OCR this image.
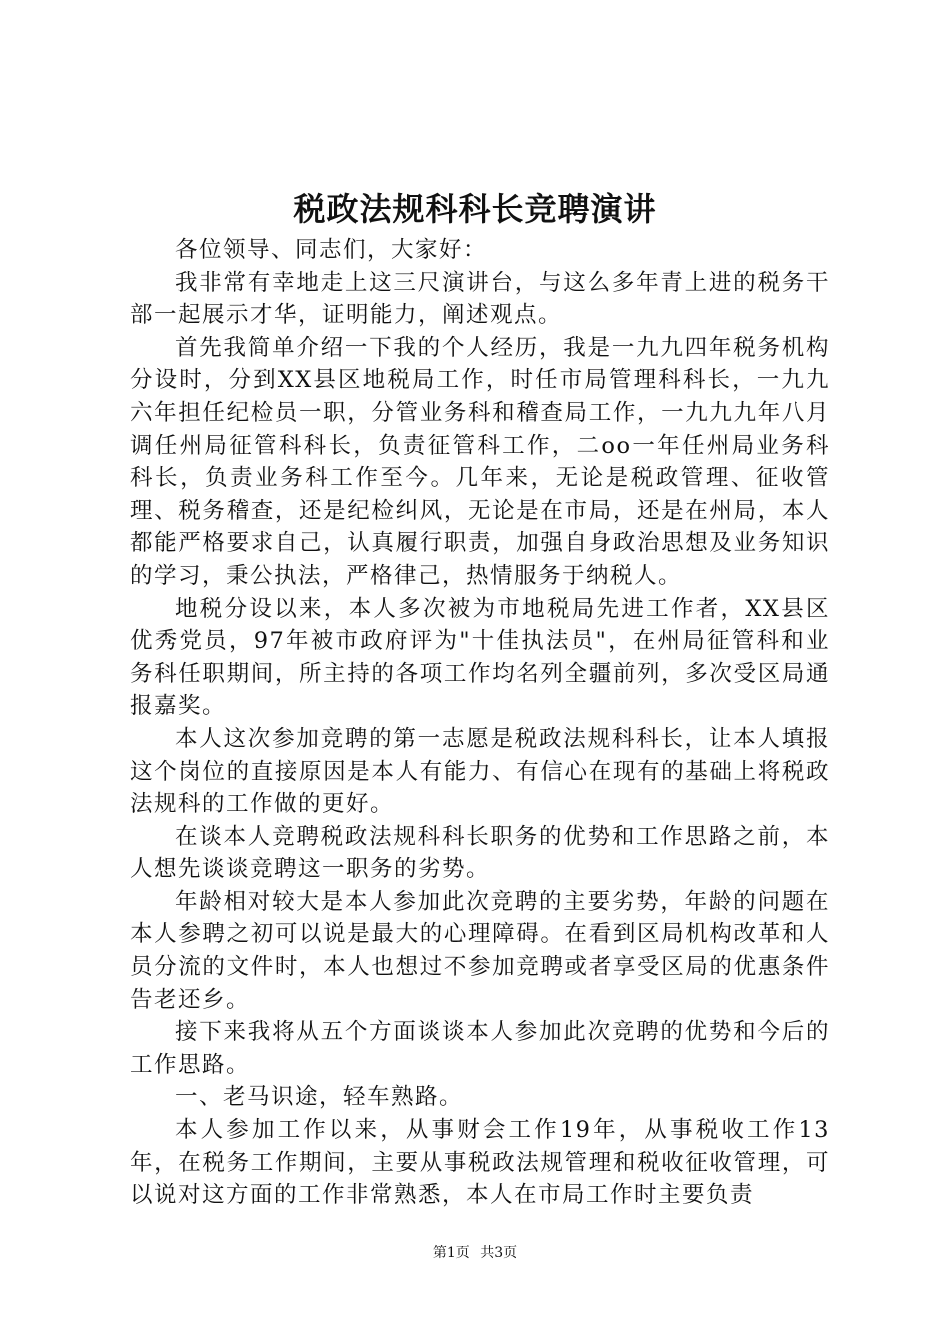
税政法规科科长竞聘演讲

各位领导、同志们，大家好：

我非常有幸地走上这三尺演讲台，与这么多年青上进的税务干部一起展示才华，证明能力，阐述观点。

首先我简单介绍一下我的个人经历，我是一九九四年税务机构分设时，分到XX县区地税局工作，时任市局管理科科长，一九九六年担任纪检员一职，分管业务科和稽查局工作，一九九九年八月调任州局征管科科长，负责征管科工作，二oo一年任州局业务科科长，负责业务科工作至今。几年来，无论是税政管理、征收管理、税务稽查，还是纪检纠风，无论是在市局，还是在州局，本人都能严格要求自己，认真履行职责，加强自身政治思想及业务知识的学习，秉公执法，严格律己，热情服务于纳税人。

地税分设以来，本人多次被为市地税局先进工作者，XX县区优秀党员，97年被市政府评为"十佳执法员"，在州局征管科和业务科任职期间，所主持的各项工作均名列全疆前列，多次受区局通报嘉奖。

本人这次参加竞聘的第一志愿是税政法规科科长，让本人填报这个岗位的直接原因是本人有能力、有信心在现有的基础上将税政法规科的工作做的更好。

在谈本人竞聘税政法规科科长职务的优势和工作思路之前，本人想先谈谈竞聘这一职务的劣势。

年龄相对较大是本人参加此次竞聘的主要劣势，年龄的问题在本人参聘之初可以说是最大的心理障碍。在看到区局机构改革和人员分流的文件时，本人也想过不参加竞聘或者享受区局的优惠条件告老还乡。

接下来我将从五个方面谈谈本人参加此次竞聘的优势和今后的工作思路。

一、老马识途，轻车熟路。

本人参加工作以来，从事财会工作19年，从事税收工作13年，在税务工作期间，主要从事税政法规管理和税收征收管理，可以说对这方面的工作非常熟悉，本人在市局工作时主要负责

第1页 共3页
